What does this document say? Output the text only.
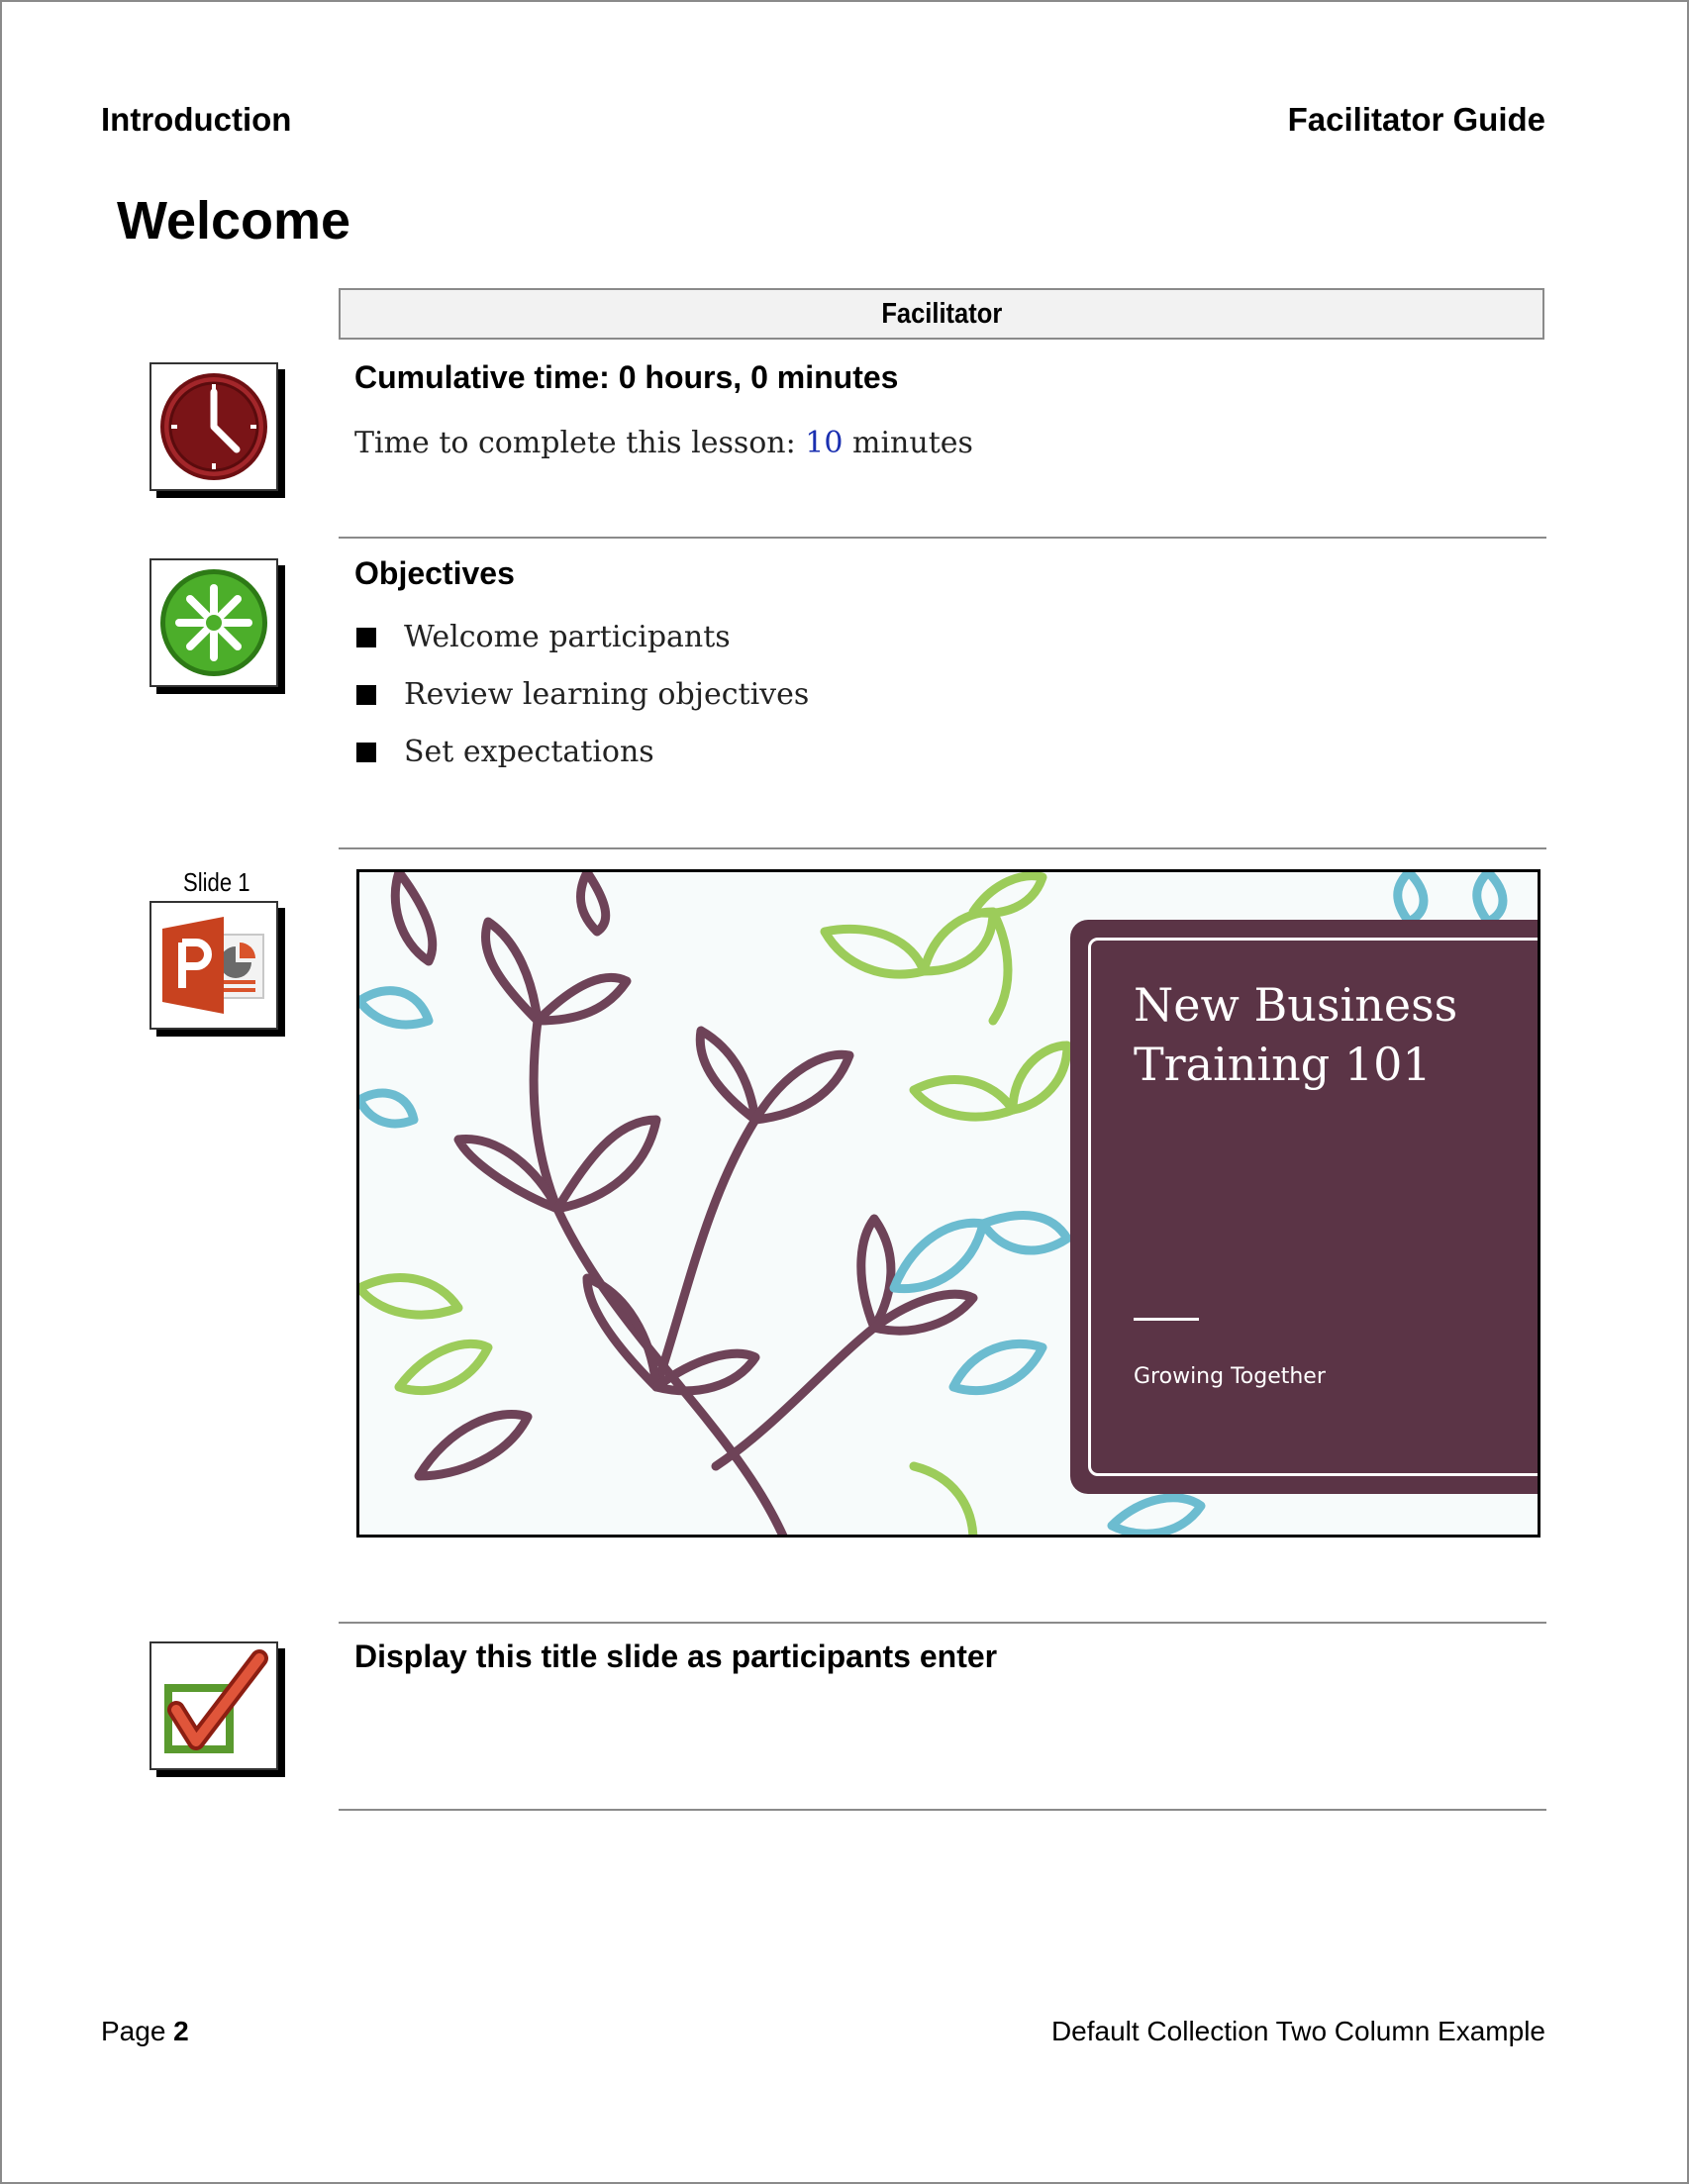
Introduction	Facilitator Guide
Welcome
Facilitator
Cumulative time: 0 hours, 0 minutes
Time to complete this lesson: 10 minutes
Objectives
Welcome participants
Review learning objectives
Set expectations
Slide 1
New Business
Training 101
Growing Together
Display this title slide as participants enter
Page 2	Default Collection Two Column Example
